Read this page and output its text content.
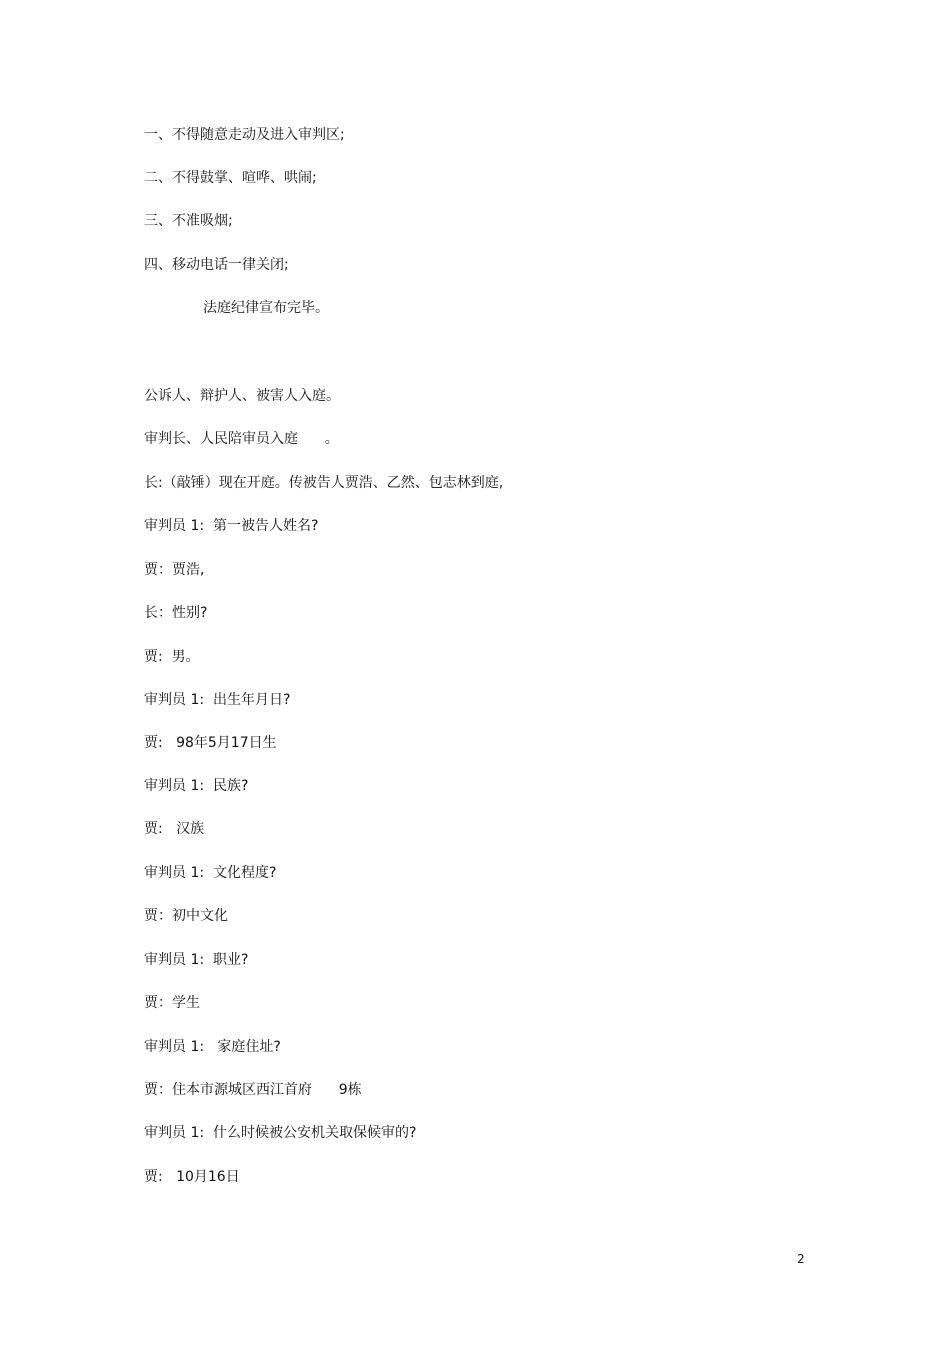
一、不得随意走动及进入审判区;
二、不得鼓掌、喧哗、哄闹;
三、不准吸烟;
四、移动电话一律关闭;
法庭纪律宣布完毕。
公诉人、辩护人、被害人入庭。
审判长、人民陪审员入庭      。
长:（敲锤）现在开庭。传被告人贾浩、乙然、包志林到庭,
审判员 1:  第一被告人姓名?
贾：贾浩,
长：性别?
贾:  男。
审判员 1:  出生年月日?
贾:   98年5月17日生
审判员 1:  民族?
贾:   汉族
审判员 1:  文化程度?
贾：初中文化
审判员 1:  职业?
贾：学生
审判员 1:   家庭住址?
贾：住本市源城区西江首府      9栋
审判员 1:  什么时候被公安机关取保候审的?
贾:   10月16日
2
